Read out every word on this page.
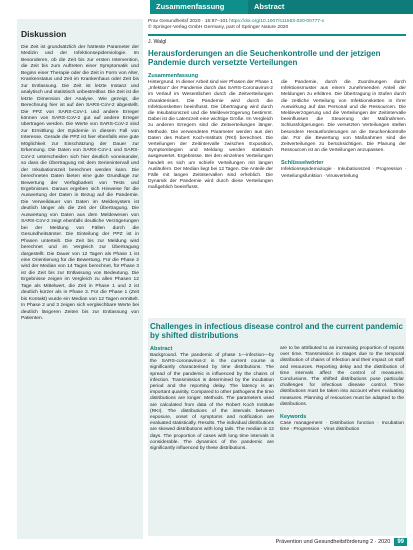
Zusammenfassung	Abstract
Diskussion

Die Zeit ist grundsätzlich der härteste Parameter der Medizin und der Infektionsepidemiologie. Im Besonderen, ob die Zeit bis zur ersten Intervention, die Zeit bis zum Auftreten einer Symptomatik und Beginn einer Therapie oder die Zeit in Form von Alter, Krankenstatus und Zeit im Krankenhaus oder Zeit bis zur Entlassung. Die Zeit ist letzte Instanz und analytisch und statistisch unbestreitbar. Die Zeit ist die letzte Dimension der Analyse. Wie gezeigt, die Berechnung hier ist auf den SARS-CoV-2 abgestellt. Die PPZ von SARS-CoV-1 und andere Erreger können von SARS-CoV-2 gut auf andere Erreger übertragen werden. Die Werte von SARS-CoV-2 sind zur Ermittlung der Epidemie in diesem Fall von Interesse. Gerade die PPZ ist hier ebenfalls eine gute Möglichkeit zur Einschätzung der Dauer zur Erkennung. Die Daten von SARS-CoV-1 und SARS-CoV-2 unterscheiden sich hier deutlich voneinander, so dass die Übertragung mit dem Serienintervall und der Inkubationszeit berechnet werden kann. Die berechneten Daten bieten eine gute Grundlage zur Bewertung der Verfügbarkeit von Tests und Ergebnissen. Daraus ergeben sich Hinweise für die Auswertung der Daten in Bezug auf die Pandemie. Die Verweildauer von Daten im Meldesystem ist deutlich länger als die Zeit der Übertragung. Die Auswertung von Daten aus dem Meldewesen von SARS-CoV-2 zeigt ebenfalls deutliche Verzögerungen bei der Meldung von Fällen durch die Gesundheitsämter. Die Einteilung der PPZ ist in Phasen unterteilt. Die Zeit bis zur Meldung wird berechnet und im Vergleich zur Übertragung dargestellt. Die Dauer von 12 Tagen als Phase 1 ist eine Orientierung für die Bewertung. Für die Phase 2 wird der Median von 14 Tagen berechnet, für Phase 3 ist die Zeit bis zur Entlassung von Bedeutung. Die Ergebnisse zeigen im Vergleich zu allen Phasen 12 Tage als Mittelwert, die Zeit in Phase 1 und 2 ist deutlich kürzer als in Phase 3. Für die Phase 1 (Zeit bis Kontakt) wurde ein Median von 12 Tagen ermittelt. In Phase 2 und 3 zeigen sich vergleichbare Werte bei deutlich längeren Zeiten bis zur Entlassung von Patienten.

Prav Gesundheitsf 2020 · 15:97–101 https://doi.org/10.1007/s11553-020-00777-x
© Springer-Verlag GmbH Germany, part of Springer Nature 2020
J. Walgl
Herausforderungen an die Seuchenkontrolle und der jetzigen Pandemie durch versetzte Verteilungen
Zusammenfassung

Hintergrund. In dieser Arbeit sind vier Phasen der Phase 1 „Infektion“ der Pandemie durch das SARS-Coronavirus-2 im Verlauf im Wesentlichen durch die Zeitverteilungen charakterisiert. Die Pandemie wird durch die Infektionsketten beeinflusst. Die Übertragung wird durch die Inkubationszeit und die Meldeverzögerung bestimmt. Dabei ist die Latenzzeit eine wichtige Größe. Im Vergleich zu anderen Erregern sind die Zeitverteilungen länger. Methode. Die verwendeten Parameter werden aus den Daten des Robert Koch-Instituts (RKI) berechnet. Die Verteilungen der Zeitintervalle zwischen Exposition, Symptombeginn und Meldung werden statistisch ausgewertet. Ergebnisse. Bei den einzelnen Verteilungen handelt es sich um schiefe Verteilungen mit langen Ausläufern. Der Median liegt bei 12 Tagen. Die Anteile der Fälle mit langen Zeitintervallen sind erheblich. Die Dynamik der Pandemie wird durch diese Verteilungen maßgeblich beeinflusst.

die Pandemie, durch die Zuordnungen durch Infektionsmuster aus einem zunehmenden Anteil der Meldungen zu erklären. Die Übertragung in Stufen durch die zeitliche Verteilung von Infektionsketten in ihrer Auswirkung auf das Personal und die Ressourcen. Die Meldeverzögerung und die Verteilungen der Zeitintervalle beeinflussen die Steuerung der Maßnahmen. Schlussfolgerungen. Die versetzten Verteilungen stellen besondere Herausforderungen an die Seuchenkontrolle dar. Für die Bewertung von Maßnahmen sind die Zeitverteilungen zu berücksichtigen. Die Planung der Ressourcen ist an die Verteilungen anzupassen.

Schlüsselwörter

Infektionsepidemiologie · Inkubationszeit · Progression · Verteilungsfunktion · Virusverteilung

Challenges in infectious disease control and the current pandemic by shifted distributions
Abstract

Background. The pandemic of phase 1—infection—by the SARS-coronavirus-2 in the current course is significantly characterised by time distributions. The spread of the pandemic is influenced by the chains of infection. Transmission is determined by the incubation period and the reporting delay. The latency is an important quantity. Compared to other pathogens the time distributions are longer. Methods. The parameters used are calculated from data of the Robert Koch Institute (RKI). The distributions of the intervals between exposure, onset of symptoms and notification are evaluated statistically. Results. The individual distributions are skewed distributions with long tails. The median is 12 days. The proportion of cases with long time intervals is considerable. The dynamics of the pandemic are significantly influenced by these distributions.

are to be attributed to an increasing proportion of reports over time. Transmission in stages due to the temporal distribution of chains of infection and their impact on staff and resources. Reporting delay and the distribution of time intervals affect the control of measures. Conclusions. The shifted distributions pose particular challenges for infectious disease control. Time distributions must be taken into account when evaluating measures. Planning of resources must be adapted to the distributions.

Keywords

Case management · Distribution function · Incubation time · Progression · Virus distribution

Prävention und Gesundheitsförderung 2 · 2020	99
